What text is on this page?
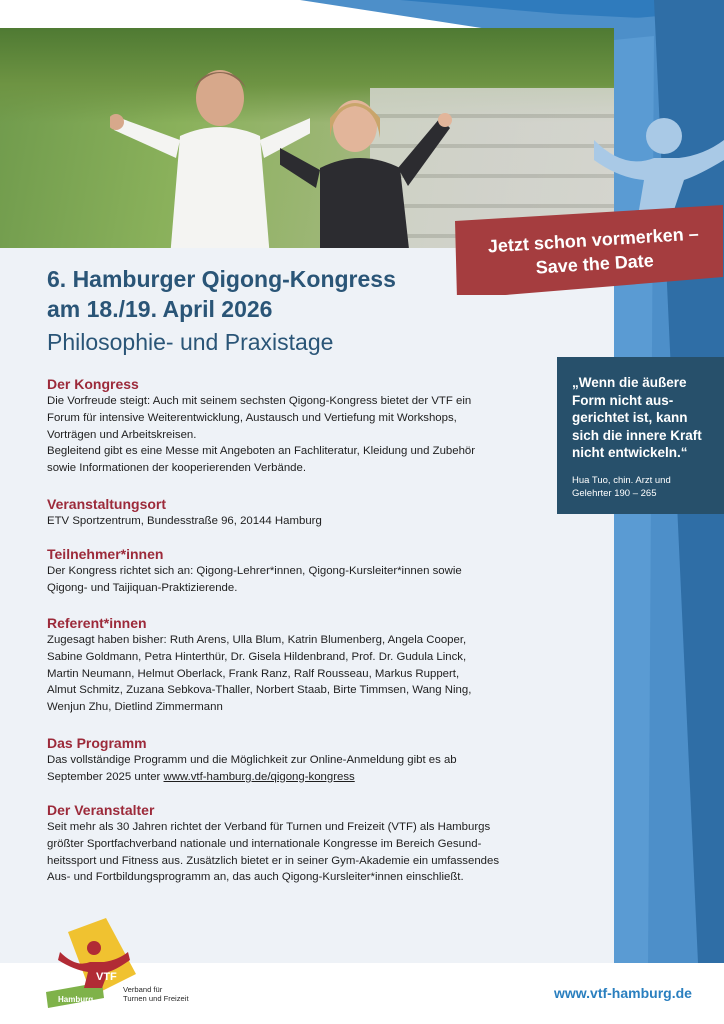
Jetzt schon vormerken –
Save the Date
„Wenn die äußere Form nicht aus-gerichtet ist, kann sich die innere Kraft nicht entwickeln.“
Hua Tuo, chin. Arzt und
Gelehrter 190 – 265
6. Hamburger Qigong-Kongress
am 18./19. April 2026
Philosophie- und Praxistage
Der Kongress

Die Vorfreude steigt: Auch mit seinem sechsten Qigong-Kongress bietet der VTF ein

Forum für intensive Weiterentwicklung, Austausch und Vertiefung mit Workshops,

Vorträgen und Arbeitskreisen.

Begleitend gibt es eine Messe mit Angeboten an Fachliteratur, Kleidung und Zubehör

sowie Informationen der kooperierenden Verbände.

Veranstaltungsort

ETV Sportzentrum, Bundesstraße 96, 20144 Hamburg

Teilnehmer*innen

Der Kongress richtet sich an: Qigong-Lehrer*innen, Qigong-Kursleiter*innen sowie

Qigong- und Taijiquan-Praktizierende.

Referent*innen

Zugesagt haben bisher: Ruth Arens, Ulla Blum, Katrin Blumenberg, Angela Cooper,

Sabine Goldmann, Petra Hinterthür, Dr. Gisela Hildenbrand, Prof. Dr. Gudula Linck,

Martin Neumann, Helmut Oberlack, Frank Ranz, Ralf Rousseau, Markus Ruppert,

Almut Schmitz, Zuzana Sebkova-Thaller, Norbert Staab, Birte Timmsen, Wang Ning,

Wenjun Zhu, Dietlind Zimmermann

Das Programm

Das vollständige Programm und die Möglichkeit zur Online-Anmeldung gibt es ab

September 2025 unter www.vtf-hamburg.de/qigong-kongress

Der Veranstalter

Seit mehr als 30 Jahren richtet der Verband für Turnen und Freizeit (VTF) als Hamburgs

größter Sportfachverband nationale und internationale Kongresse im Bereich Gesund-

heitssport und Fitness aus. Zusätzlich bietet er in seiner Gym-Akademie ein umfassendes

Aus- und Fortbildungsprogramm an, das auch Qigong-Kursleiter*innen einschließt.

VTF
Hamburg
Verband für
Turnen und Freizeit	www.vtf-hamburg.de
